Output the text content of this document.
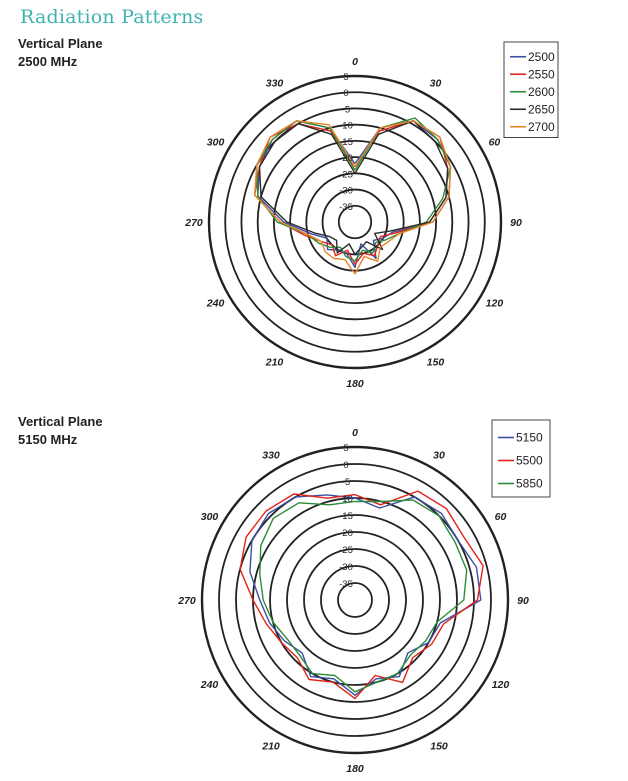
Radiation Patterns
Vertical Plane
2500 MHz
Vertical Plane
5150 MHz
5
0
-5
-10
-15
-20
-25
-30
-35
0
30
60
90
120
150
180
210
240
270
300
330
2500
2550
2600
2650
2700
5
0
-5
-10
-15
-20
-25
-30
-35
0
30
60
90
120
150
180
210
240
270
300
330
5150
5500
5850
